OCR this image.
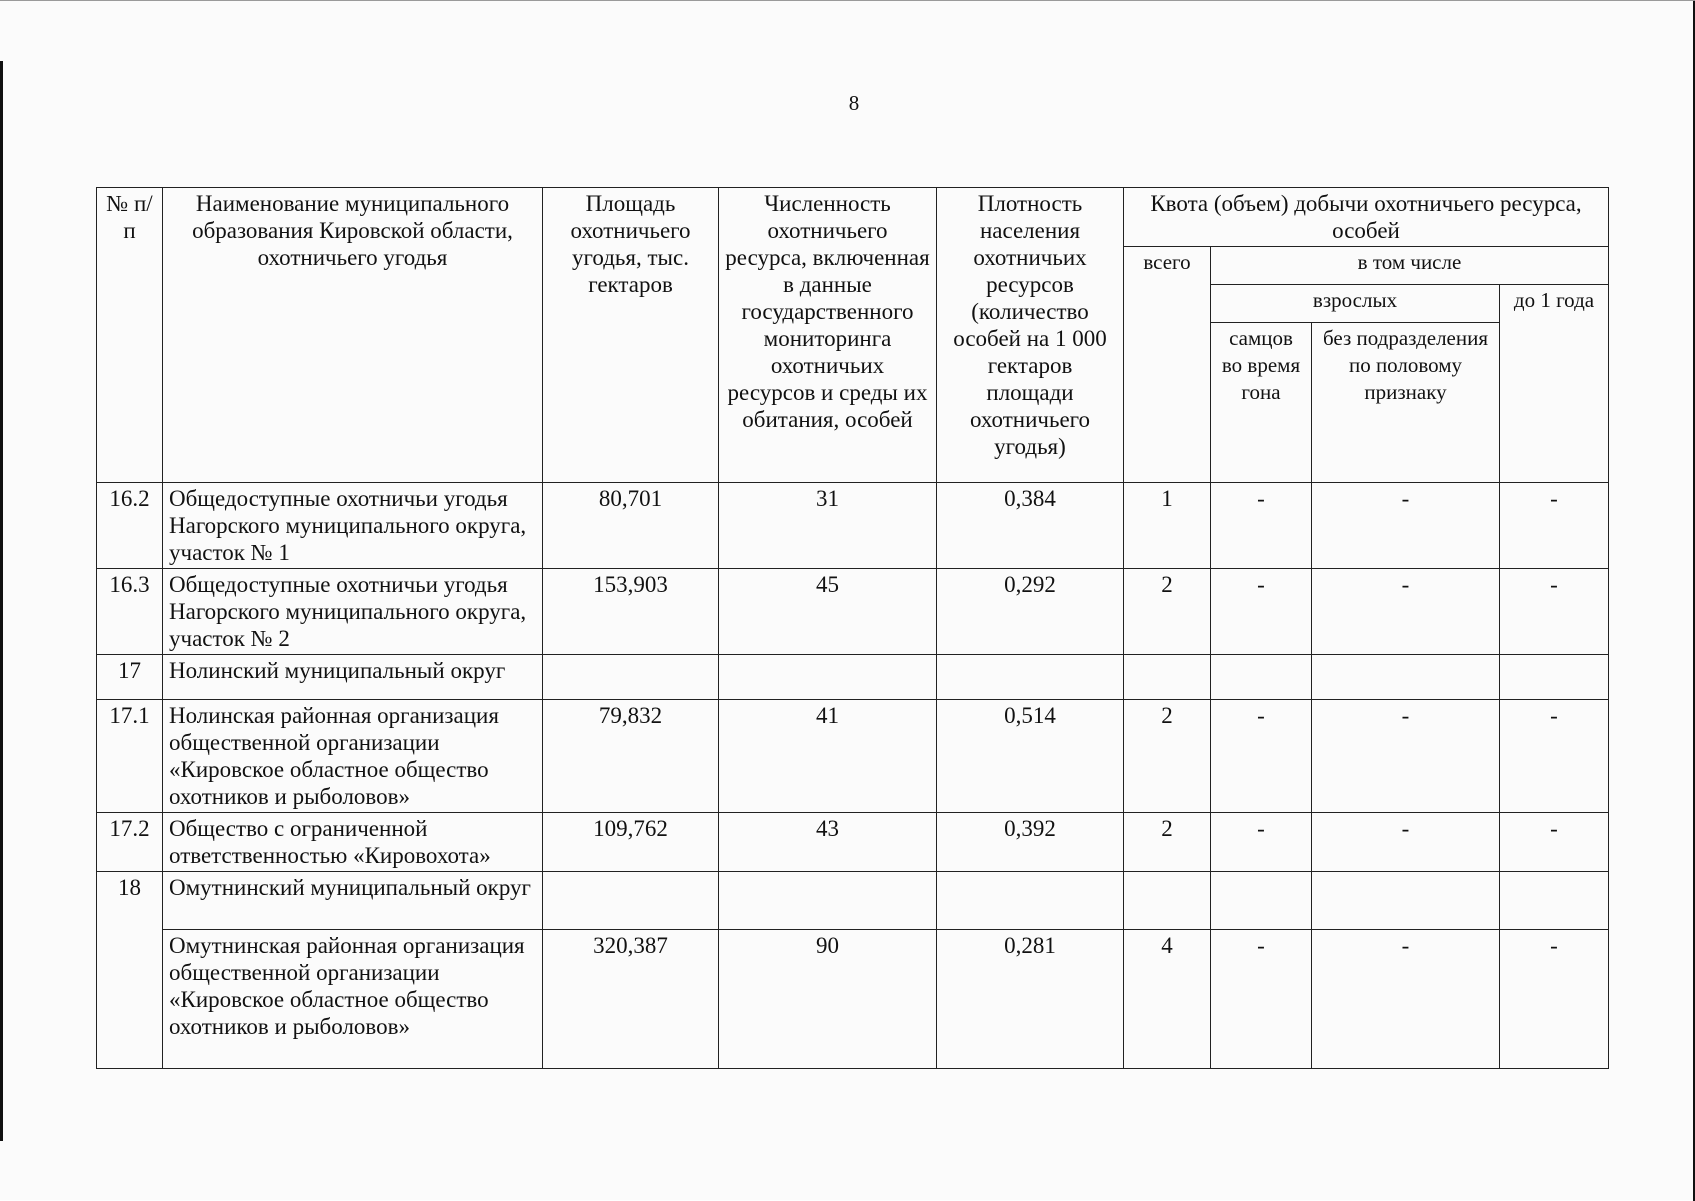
8
№ п/п	Наименование муниципального образования Кировской области, охотничьего угодья	Площадь охотничьего угодья, тыс. гектаров	Численность охотничьего ресурса, включенная в данные государственного мониторинга охотничьих ресурсов и среды их обитания, особей	Плотность населения охотничьих ресурсов (количество особей на 1 000 гектаров площади охотничьего угодья)	Квота (объем) добычи охотничьего ресурса, особей			
					всего	в том числе		
						взрослых		до 1 года
						самцов во время гона	без подразделения по половому признаку	
16.2	Общедоступные охотничьи угодья Нагорского муниципального округа, участок № 1	80,701	31	0,384	1	-	-	-
16.3	Общедоступные охотничьи угодья Нагорского муниципального округа, участок № 2	153,903	45	0,292	2	-	-	-
17	Нолинский муниципальный округ							
17.1	Нолинская районная организация общественной организации «Кировское областное общество охотников и рыболовов»	79,832	41	0,514	2	-	-	-
17.2	Общество с ограниченной ответственностью «Кировохота»	109,762	43	0,392	2	-	-	-
18	Омутнинский муниципальный округ							
	Омутнинская районная организация общественной организации «Кировское областное общество охотников и рыболовов»	320,387	90	0,281	4	-	-	-
